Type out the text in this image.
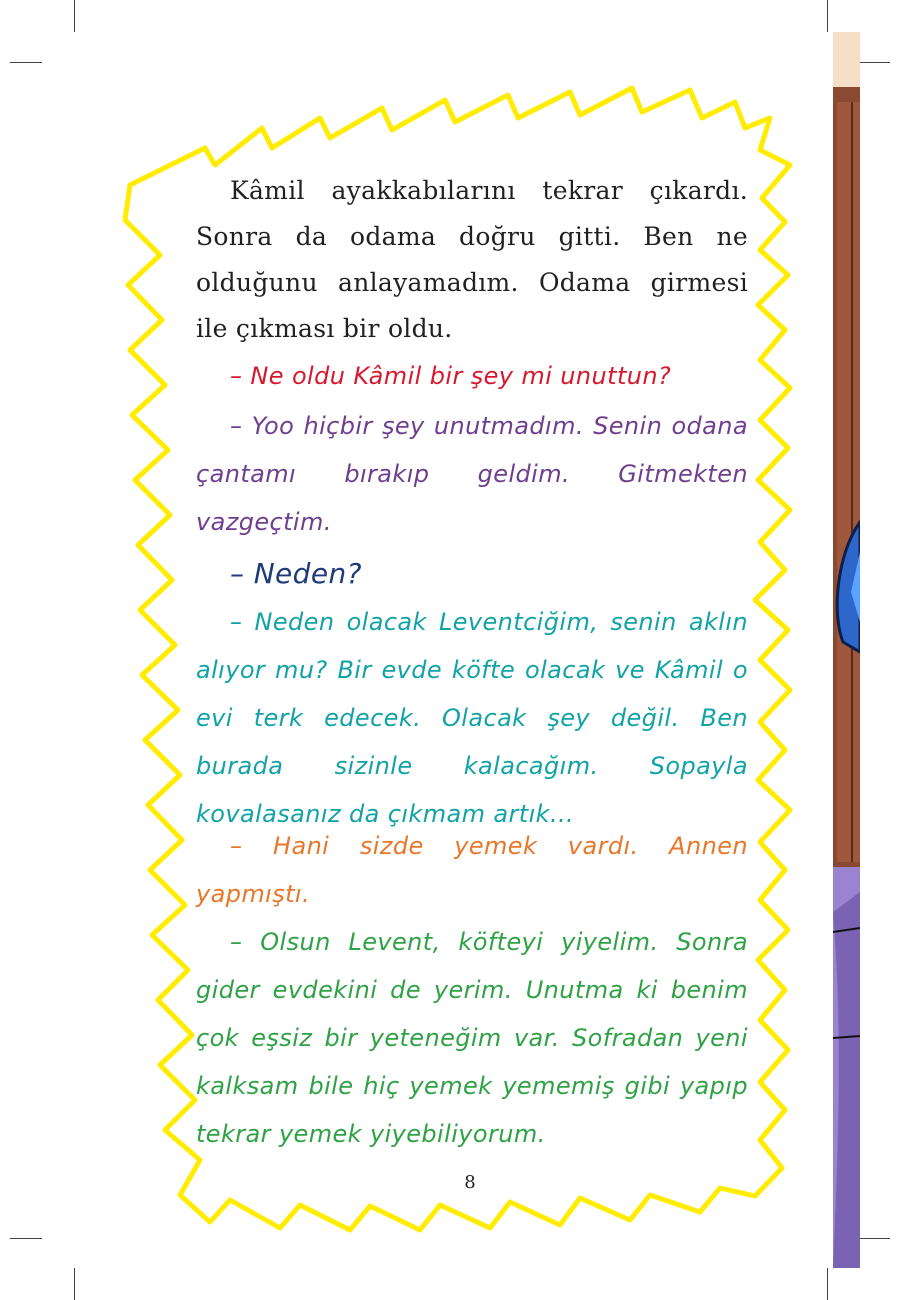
Kâmil ayakkabılarını tekrar çıkardı. Sonra da odama doğru gitti. Ben ne olduğunu anlayamadım. Odama girmesi ile çıkması bir oldu.

– Ne oldu Kâmil bir şey mi unuttun?

– Yoo hiçbir şey unutmadım. Senin odana çantamı bırakıp geldim. Gitmekten vazgeçtim.

– Neden?

– Neden olacak Leventciğim, senin aklın alıyor mu? Bir evde köfte olacak ve Kâmil o evi terk edecek. Olacak şey değil. Ben burada sizinle kalacağım. Sopayla kovalasanız da çıkmam artık...

– Hani sizde yemek vardı. Annen yapmıştı.

– Olsun Levent, köfteyi yiyelim. Sonra gider evdekini de yerim. Unutma ki benim çok eşsiz bir yeteneğim var. Sofradan yeni kalksam bile hiç yemek yememiş gibi yapıp tekrar yemek yiyebiliyorum.

8
